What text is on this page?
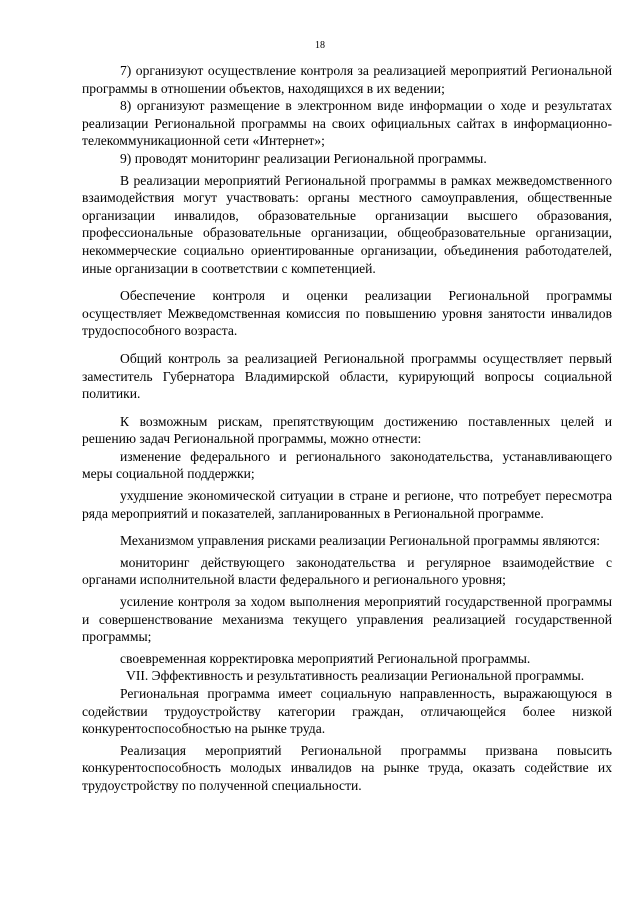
18

7) организуют осуществление контроля за реализацией мероприятий Региональной программы в отношении объектов, находящихся в их ведении;

8) организуют размещение в электронном виде информации о ходе и результатах реализации Региональной программы на своих официальных сайтах в информационно-телекоммуникационной сети «Интернет»;

9) проводят мониторинг реализации Региональной программы.

В реализации мероприятий Региональной программы в рамках межведомственного взаимодействия могут участвовать: органы местного самоуправления, общественные организации инвалидов, образовательные организации высшего образования, профессиональные образовательные организации, общеобразовательные организации, некоммерческие социально ориентированные организации, объединения работодателей, иные организации в соответствии с компетенцией.

Обеспечение контроля и оценки реализации Региональной программы осуществляет Межведомственная комиссия по повышению уровня занятости инвалидов трудоспособного возраста.

Общий контроль за реализацией Региональной программы осуществляет первый заместитель Губернатора Владимирской области, курирующий вопросы социальной политики.

К возможным рискам, препятствующим достижению поставленных целей и решению задач Региональной программы, можно отнести:

изменение федерального и регионального законодательства, устанавливающего меры социальной поддержки;

ухудшение экономической ситуации в стране и регионе, что потребует пересмотра ряда мероприятий и показателей, запланированных в Региональной программе.

Механизмом управления рисками реализации Региональной программы являются:

мониторинг действующего законодательства и регулярное взаимодействие с органами исполнительной власти федерального и регионального уровня;

усиление контроля за ходом выполнения мероприятий государственной программы и совершенствование механизма текущего управления реализацией государственной программы;

своевременная корректировка мероприятий Региональной программы.

VII. Эффективность и результативность реализации Региональной программы.

Региональная программа имеет социальную направленность, выражающуюся в содействии трудоустройству категории граждан, отличающейся более низкой конкурентоспособностью на рынке труда.

Реализация мероприятий Региональной программы призвана повысить конкурентоспособность молодых инвалидов на рынке труда, оказать содействие их трудоустройству по полученной специальности.
